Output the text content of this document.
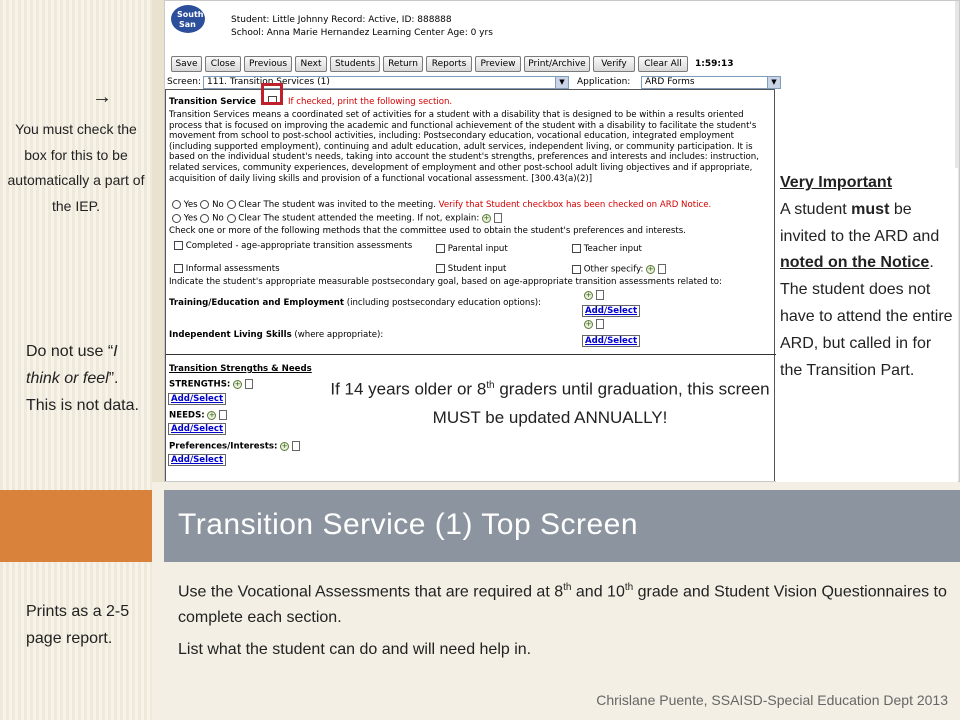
Transition Service (1) Top Screen
South
San	Student: Little Johnny Record: Active, ID: 888888
School: Anna Marie Hernandez Learning Center Age: 0 yrs
Save	Close	Previous	Next	Students	Return	Reports	Preview	Print/Archive	Verify	Clear All	1:59:13
Screen: 111. Transition Services (1)	▼	Application:	ARD Forms	▼
Transition Service	If checked, print the following section.
Transition Services means a coordinated set of activities for a student with a disability that is designed to be within a results oriented process that is focused on improving the academic and functional achievement of the student with a disability to facilitate the student's movement from school to post-school activities, including: Postsecondary education, vocational education, integrated employment (including supported employment), continuing and adult education, adult services, independent living, or community participation. It is based on the individual student's needs, taking into account the student's strengths, preferences and interests and includes: instruction, related services, community experiences, development of employment and other post-school adult living objectives and if appropriate, acquisition of daily living skills and provision of a functional vocational assessment. [300.43(a)(2)]
Yes No Clear The student was invited to the meeting. Verify that Student checkbox has been checked on ARD Notice.
Yes No Clear The student attended the meeting. If not, explain: +
Check one or more of the following methods that the committee used to obtain the student's preferences and interests.
Completed - age-appropriate transition assessments	Parental input	Teacher input
Informal assessments	Student input	Other specify: +
Indicate the student's appropriate measurable postsecondary goal, based on age-appropriate transition assessments related to:
+
Training/Education and Employment (including postsecondary education options):
Add/Select
+
Independent Living Skills (where appropriate):
Add/Select
Transition Strengths & Needs
STRENGTHS: +
Add/Select
NEEDS: +
Add/Select
Preferences/Interests: +
Add/Select
Very Important
A student must be invited to the ARD and noted on the Notice. The student does not have to attend the entire ARD, but called in for the Transition Part.
If 14 years older or 8th graders until graduation, this screen MUST be updated ANNUALLY!
→
You must check the box for this to be automatically a part of the IEP.
Do not use “I think or feel”. This is not data.
Prints as a 2-5 page report.

Use the Vocational Assessments that are required at 8th and 10th grade and Student Vision Questionnaires to complete each section.

List what the student can do and will need help in.

Chrislane Puente, SSAISD-Special Education Dept 2013
